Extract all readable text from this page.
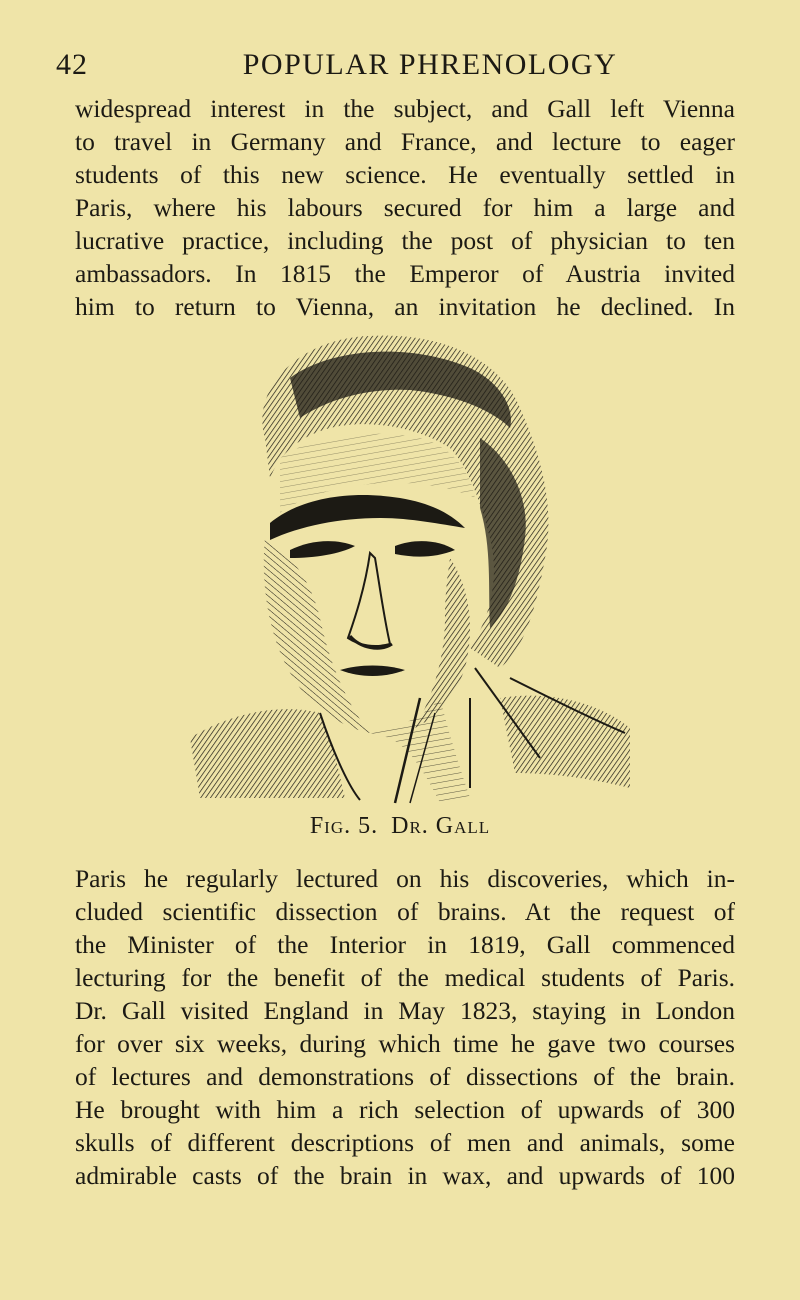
42	POPULAR PHRENOLOGY

widespread interest in the subject, and Gall left Vienna
to travel in Germany and France, and lecture to eager
students of this new science. He eventually settled in
Paris, where his labours secured for him a large and
lucrative practice, including the post of physician to ten
ambassadors. In 1815 the Emperor of Austria invited
him to return to Vienna, an invitation he declined. In

Fig. 5. Dr. Gall

Paris he regularly lectured on his discoveries, which in-
cluded scientific dissection of brains. At the request of
the Minister of the Interior in 1819, Gall commenced
lecturing for the benefit of the medical students of Paris.
Dr. Gall visited England in May 1823, staying in London
for over six weeks, during which time he gave two courses
of lectures and demonstrations of dissections of the brain.
He brought with him a rich selection of upwards of 300
skulls of different descriptions of men and animals, some
admirable casts of the brain in wax, and upwards of 100
